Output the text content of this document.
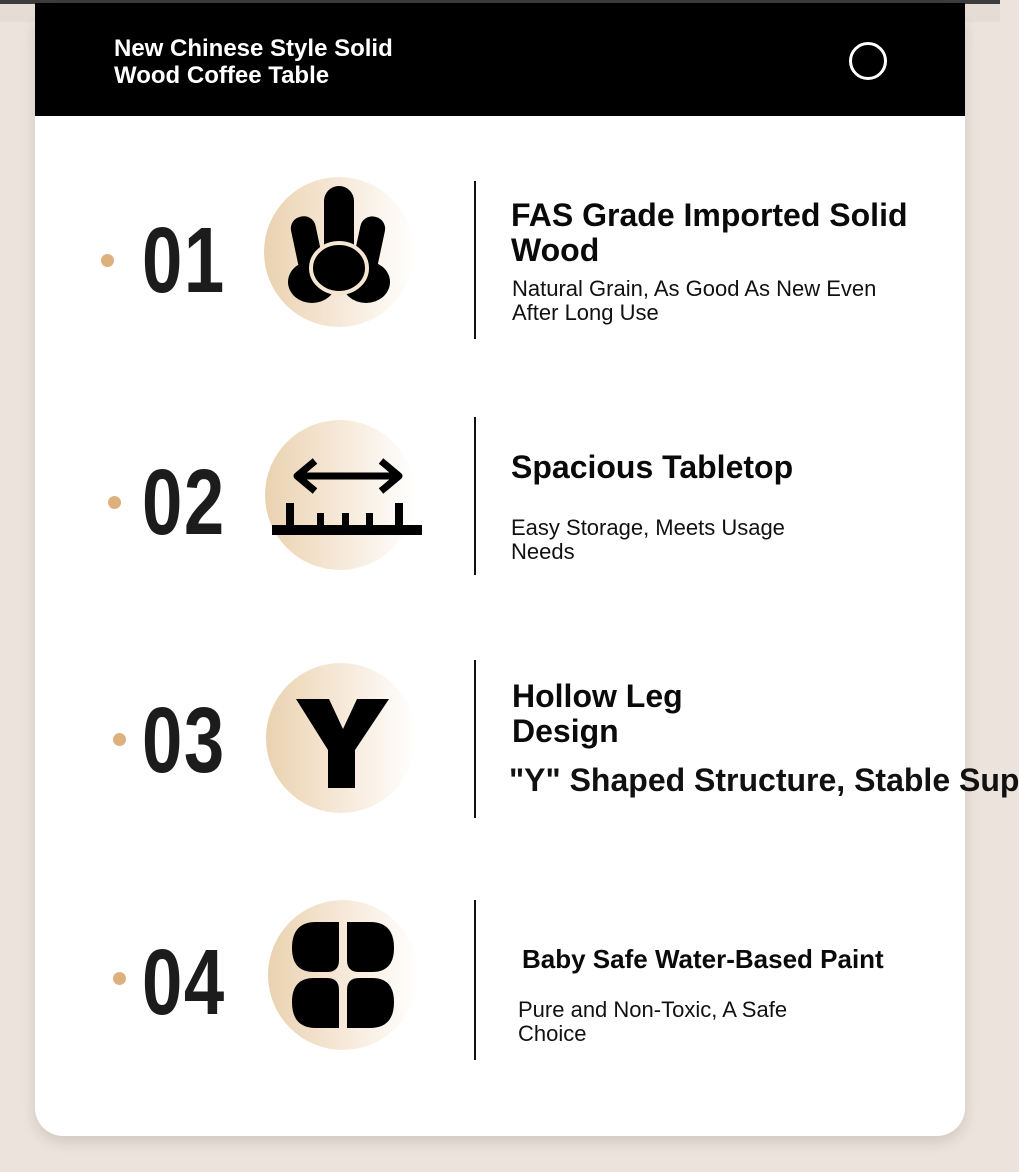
New Chinese Style Solid Wood Coffee Table
01	FAS Grade Imported Solid Wood
Natural Grain, As Good As New Even After Long Use
02	Spacious Tabletop
Easy Storage, Meets Usage Needs
03	Hollow Leg Design
"Y" Shaped Structure, Stable Sup
04	Baby Safe Water-Based Paint
Pure and Non-Toxic, A Safe Choice
